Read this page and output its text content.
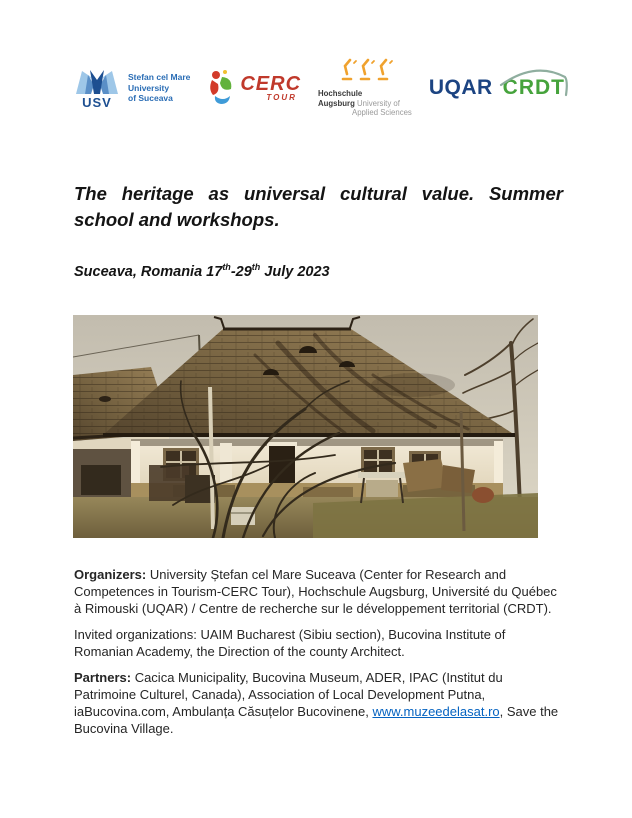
USV
Stefan cel Mare
University
of Suceava
CERC
TOUR	Hochschule
Augsburg University of
Applied Sciences
UQAR CRDT
The heritage as universal cultural value. Summer school and workshops.

Suceava, Romania 17th-29th July 2023

Organizers: University Ștefan cel Mare Suceava (Center for Research and Competences in Tourism-CERC Tour), Hochschule Augsburg, Université du Québec à Rimouski (UQAR) / Centre de recherche sur le développement territorial (CRDT).

Invited organizations: UAIM Bucharest (Sibiu section), Bucovina Institute of Romanian Academy, the Direction of the county Architect.

Partners: Cacica Municipality, Bucovina Museum, ADER, IPAC (Institut du Patrimoine Culturel, Canada), Association of Local Development Putna, iaBucovina.com, Ambulanța Căsuțelor Bucovinene, www.muzeedelasat.ro, Save the Bucovina Village.
